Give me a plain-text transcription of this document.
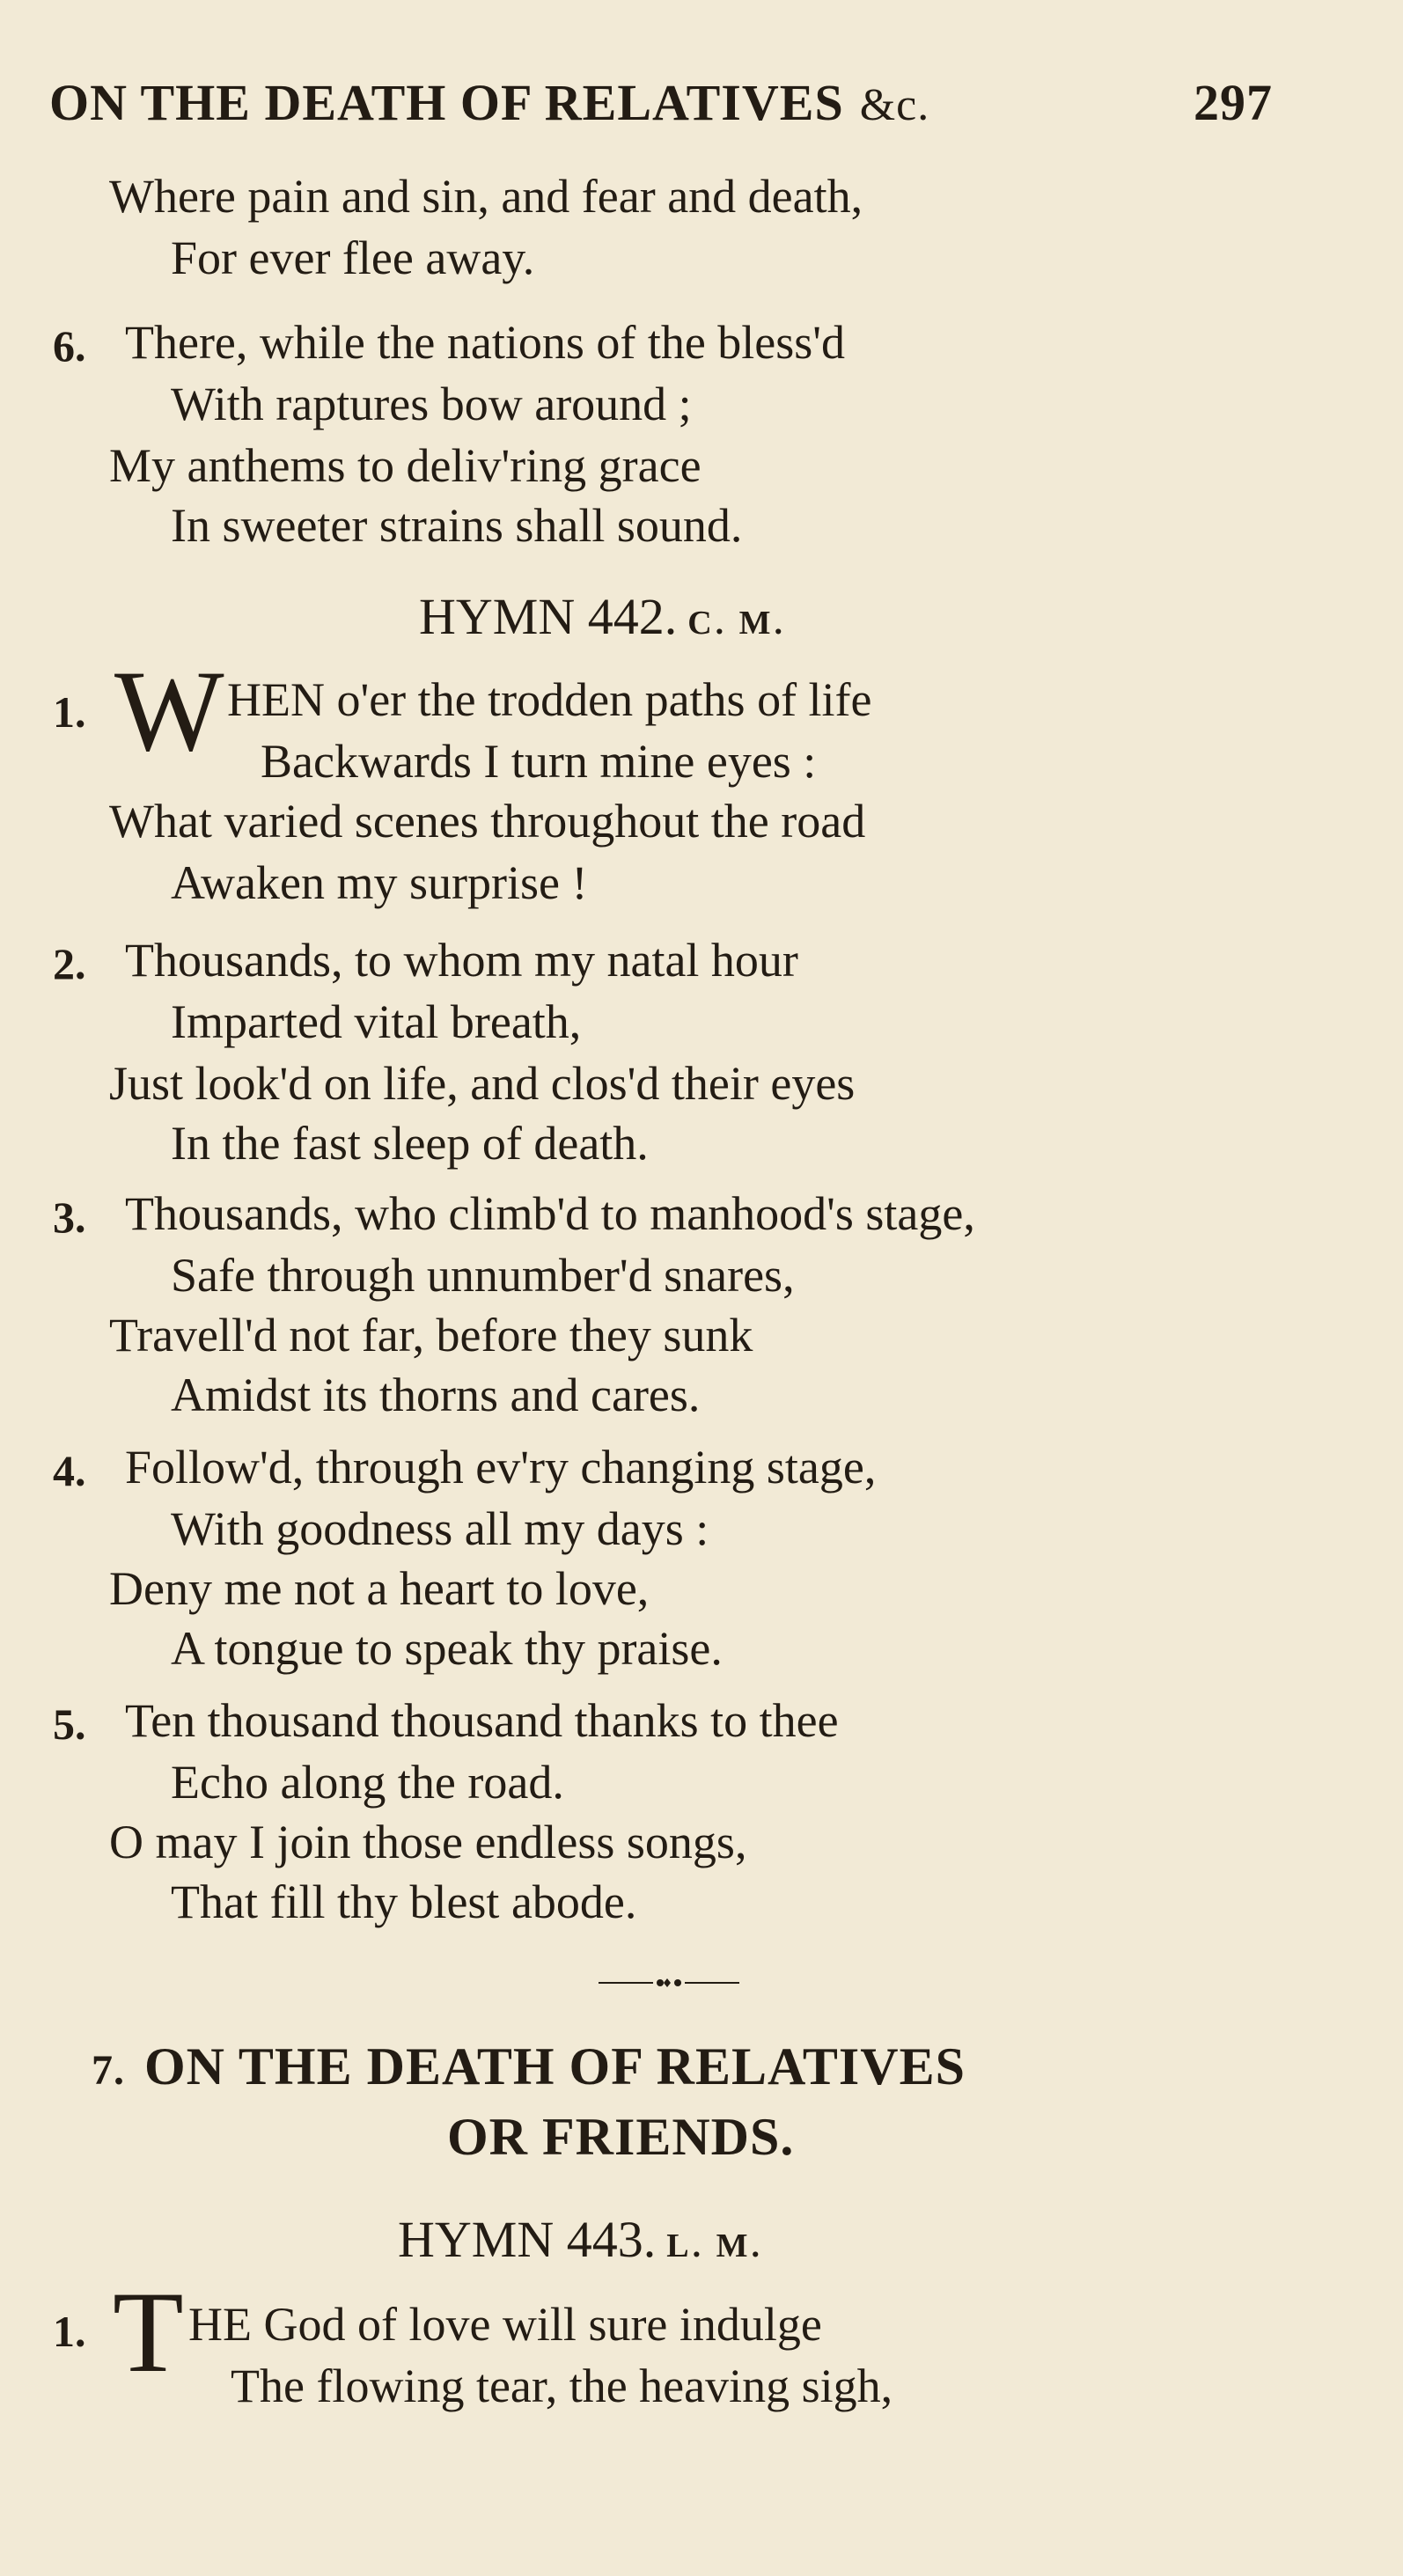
ON THE DEATH OF RELATIVES &c.	297
Where pain and sin, and fear and death,
For ever flee away.
6. There, while the nations of the bless'd
With raptures bow around ;
My anthems to deliv'ring grace
In sweeter strains shall sound.
HYMN 442. C. M.
1. W HEN o'er the trodden paths of life
Backwards I turn mine eyes :
What varied scenes throughout the road
Awaken my surprise !
2. Thousands, to whom my natal hour
Imparted vital breath,
Just look'd on life, and clos'd their eyes
In the fast sleep of death.
3. Thousands, who climb'd to manhood's stage,
Safe through unnumber'd snares,
Travell'd not far, before they sunk
Amidst its thorns and cares.
4. Follow'd, through ev'ry changing stage,
With goodness all my days :
Deny me not a heart to love,
A tongue to speak thy praise.
5. Ten thousand thousand thanks to thee
Echo along the road.
O may I join those endless songs,
That fill thy blest abode.
7. ON THE DEATH OF RELATIVES
OR FRIENDS.
HYMN 443. L. M.
1. T HE God of love will sure indulge
The flowing tear, the heaving sigh,
